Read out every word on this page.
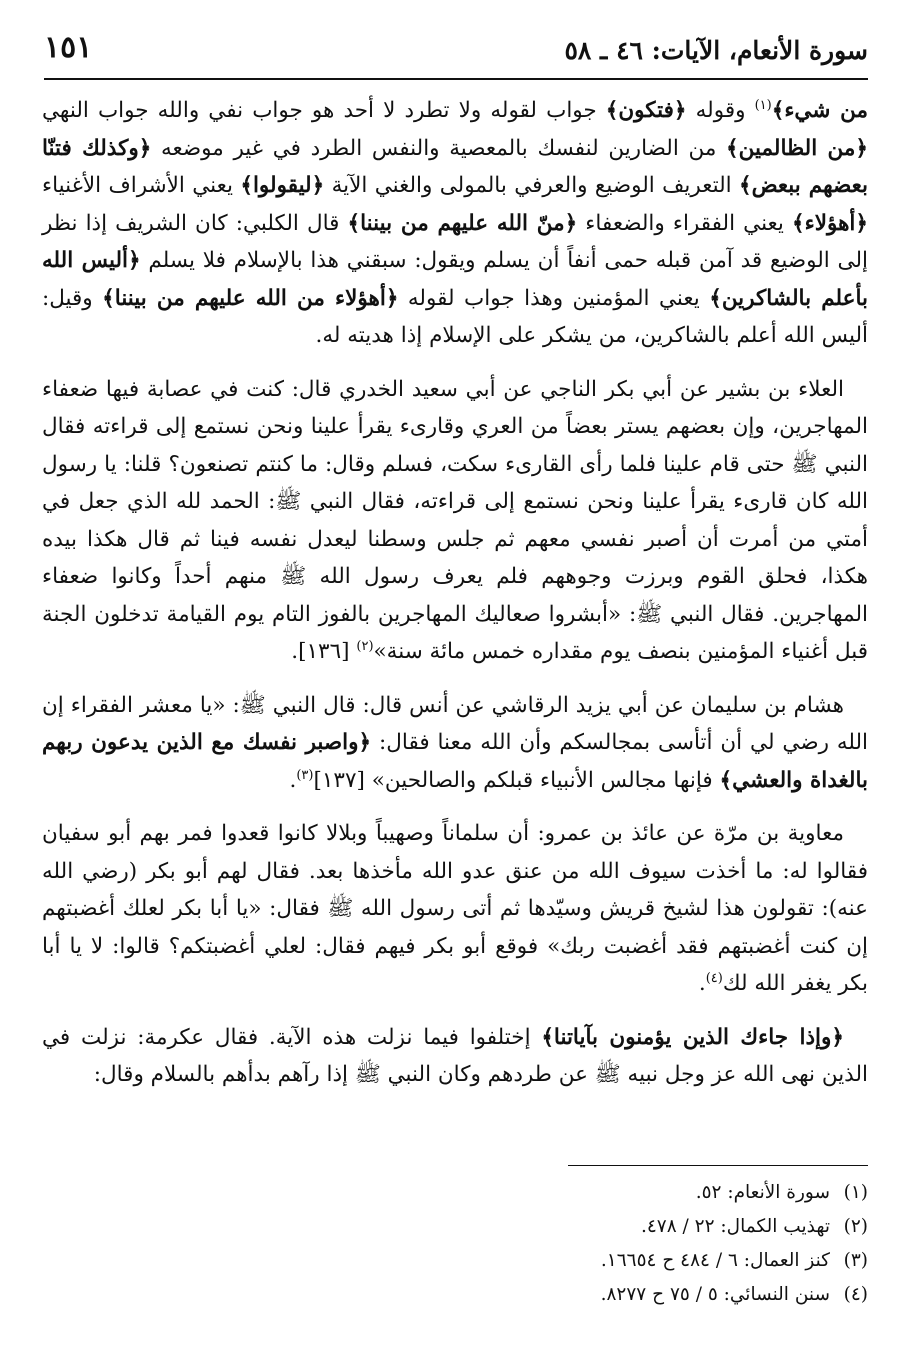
سورة الأنعام، الآيات: ٤٦ ـ ٥٨
١٥١

من شيء﴾$^{(١)}$ وقوله ﴿فتكون﴾ جواب لقوله ولا تطرد لا أحد هو جواب نفي والله جواب النهي ﴿من الظالمين﴾ من الضارين لنفسك بالمعصية والنفس الطرد في غير موضعه ﴿وكذلك فتنّا بعضهم ببعض﴾ التعريف الوضيع والعرفي بالمولى والغني الآية ﴿ليقولوا﴾ يعني الأشراف الأغنياء ﴿أهؤلاء﴾ يعني الفقراء والضعفاء ﴿منّ الله عليهم من بيننا﴾ قال الكلبي: كان الشريف إذا نظر إلى الوضيع قد آمن قبله حمى أنفاً أن يسلم ويقول: سبقني هذا بالإسلام فلا يسلم ﴿أليس الله بأعلم بالشاكرين﴾ يعني المؤمنين وهذا جواب لقوله ﴿أهؤلاء من الله عليهم من بيننا﴾ وقيل: أليس الله أعلم بالشاكرين، من يشكر على الإسلام إذا هديته له.

العلاء بن بشير عن أبي بكر الناجي عن أبي سعيد الخدري قال: كنت في عصابة فيها ضعفاء المهاجرين، وإن بعضهم يستر بعضاً من العري وقارىء يقرأ علينا ونحن نستمع إلى قراءته فقال النبي ﷺ حتى قام علينا فلما رأى القارىء سكت، فسلم وقال: ما كنتم تصنعون؟ قلنا: يا رسول الله كان قارىء يقرأ علينا ونحن نستمع إلى قراءته، فقال النبي ﷺ: الحمد لله الذي جعل في أمتي من أمرت أن أصبر نفسي معهم ثم جلس وسطنا ليعدل نفسه فينا ثم قال هكذا بيده هكذا، فحلق القوم وبرزت وجوههم فلم يعرف رسول الله ﷺ منهم أحداً وكانوا ضعفاء المهاجرين. فقال النبي ﷺ: «أبشروا صعاليك المهاجرين بالفوز التام يوم القيامة تدخلون الجنة قبل أغنياء المؤمنين بنصف يوم مقداره خمس مائة سنة»$^{(٢)}$ [١٣٦].

هشام بن سليمان عن أبي يزيد الرقاشي عن أنس قال: قال النبي ﷺ: «يا معشر الفقراء إن الله رضي لي أن أتأسى بمجالسكم وأن الله معنا فقال: ﴿واصبر نفسك مع الذين يدعون ربهم بالغداة والعشي﴾ فإنها مجالس الأنبياء قبلكم والصالحين» [١٣٧]$^{(٣)}$.

معاوية بن مرّة عن عائذ بن عمرو: أن سلماناً وصهيباً وبلالا كانوا قعدوا فمر بهم أبو سفيان فقالوا له: ما أخذت سيوف الله من عنق عدو الله مأخذها بعد. فقال لهم أبو بكر (رضي الله عنه): تقولون هذا لشيخ قريش وسيّدها ثم أتى رسول الله ﷺ فقال: «يا أبا بكر لعلك أغضبتهم إن كنت أغضبتهم فقد أغضبت ربك» فوقع أبو بكر فيهم فقال: لعلي أغضبتكم؟ قالوا: لا يا أبا بكر يغفر الله لك$^{(٤)}$.

﴿وإذا جاءك الذين يؤمنون بآياتنا﴾ إختلفوا فيما نزلت هذه الآية. فقال عكرمة: نزلت في الذين نهى الله عز وجل نبيه ﷺ عن طردهم وكان النبي ﷺ إذا رآهم بدأهم بالسلام وقال:

(١)سورة الأنعام: ٥٢.
(٢)تهذيب الكمال: ٢٢ / ٤٧٨.
(٣)كنز العمال: ٦ / ٤٨٤ ح ١٦٦٥٤.
(٤)سنن النسائي: ٥ / ٧٥ ح ٨٢٧٧.
